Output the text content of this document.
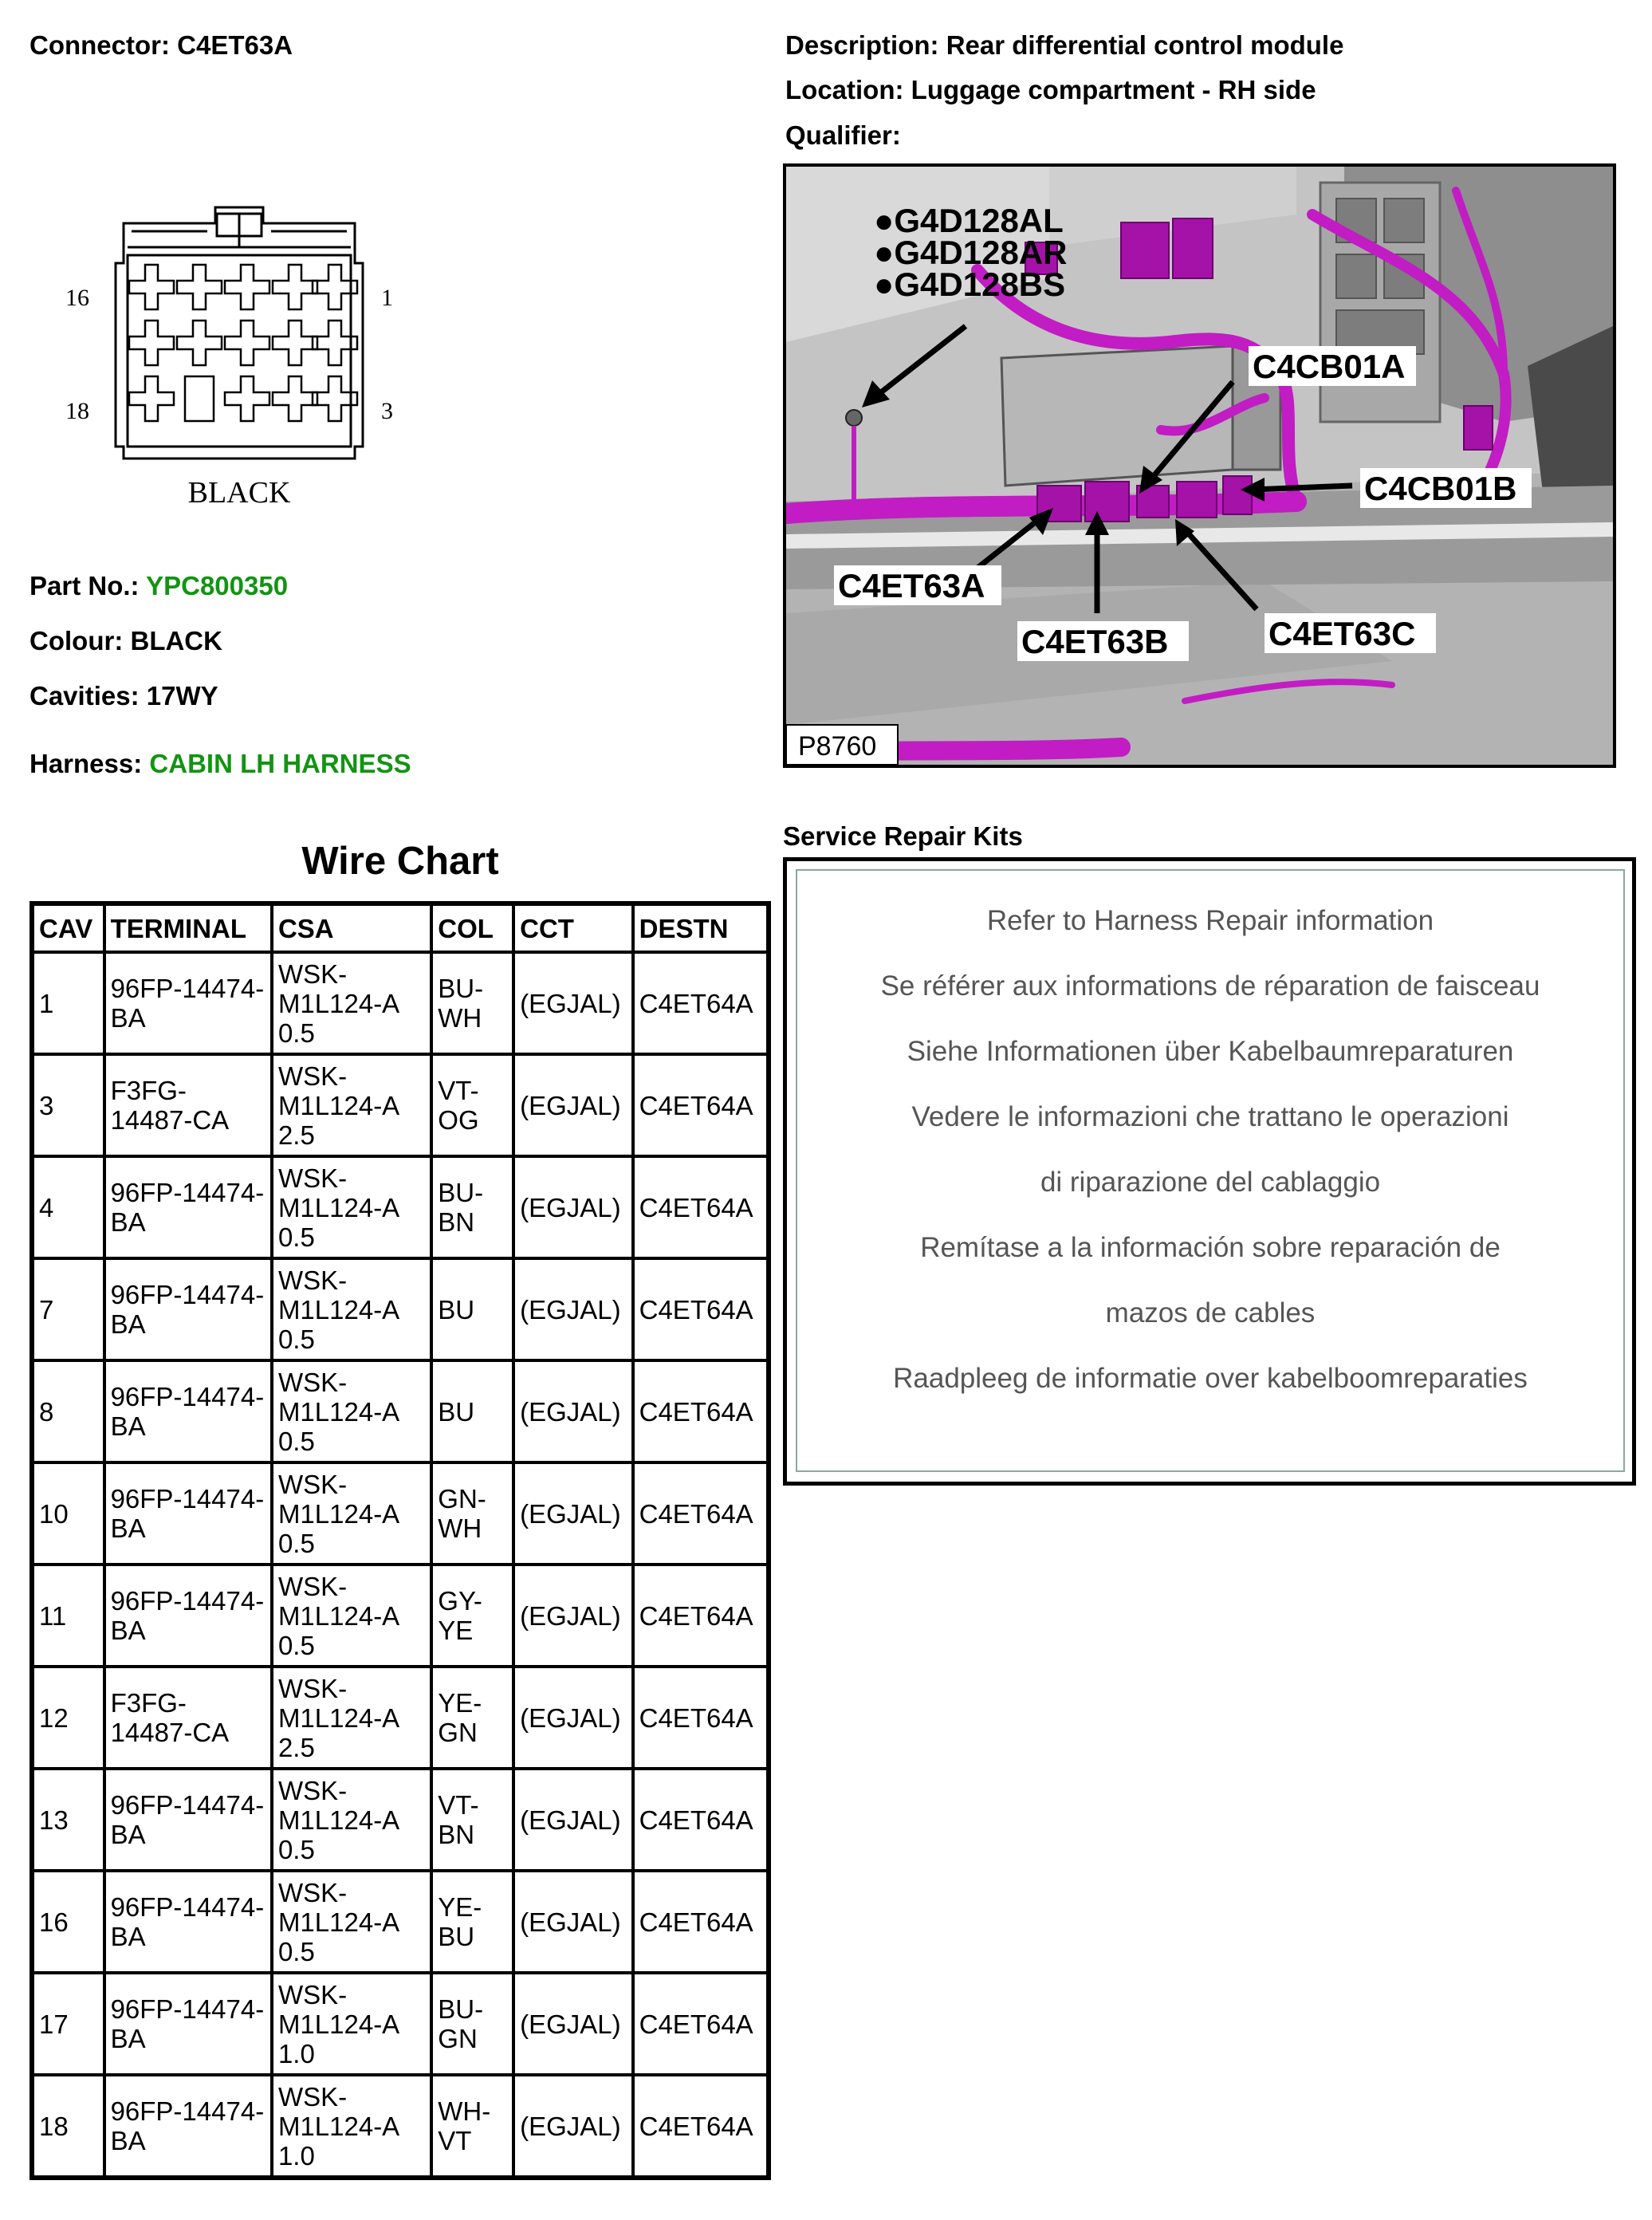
Connector: C4ET63A	Description: Rear differential control module
Location: Luggage compartment - RH side
Qualifier:
16	1
18	3
BLACK
Part No.: YPC800350
Colour: BLACK
Cavities: 17WY
Harness: CABIN LH HARNESS
●G4D128AL
●G4D128AR
●G4D128BS
C4CB01A
C4CB01B
C4ET63A
C4ET63B	C4ET63C
P8760
Wire Chart
CAV	TERMINAL	CSA	COL	CCT	DESTN
1	96FP-14474-BA	WSK-M1L124-A 0.5	BU-WH	(EGJAL)	C4ET64A
3	F3FG-14487-CA	WSK-M1L124-A 2.5	VT-OG	(EGJAL)	C4ET64A
4	96FP-14474-BA	WSK-M1L124-A 0.5	BU-BN	(EGJAL)	C4ET64A
7	96FP-14474-BA	WSK-M1L124-A 0.5	BU	(EGJAL)	C4ET64A
8	96FP-14474-BA	WSK-M1L124-A 0.5	BU	(EGJAL)	C4ET64A
10	96FP-14474-BA	WSK-M1L124-A 0.5	GN-WH	(EGJAL)	C4ET64A
11	96FP-14474-BA	WSK-M1L124-A 0.5	GY-YE	(EGJAL)	C4ET64A
12	F3FG-14487-CA	WSK-M1L124-A 2.5	YE-GN	(EGJAL)	C4ET64A
13	96FP-14474-BA	WSK-M1L124-A 0.5	VT-BN	(EGJAL)	C4ET64A
16	96FP-14474-BA	WSK-M1L124-A 0.5	YE-BU	(EGJAL)	C4ET64A
17	96FP-14474-BA	WSK-M1L124-A 1.0	BU-GN	(EGJAL)	C4ET64A
18	96FP-14474-BA	WSK-M1L124-A 1.0	WH-VT	(EGJAL)	C4ET64A
Service Repair Kits
Refer to Harness Repair information
Se référer aux informations de réparation de faisceau
Siehe Informationen über Kabelbaumreparaturen
Vedere le informazioni che trattano le operazioni
di riparazione del cablaggio
Remítase a la información sobre reparación de
mazos de cables
Raadpleeg de informatie over kabelboomreparaties
